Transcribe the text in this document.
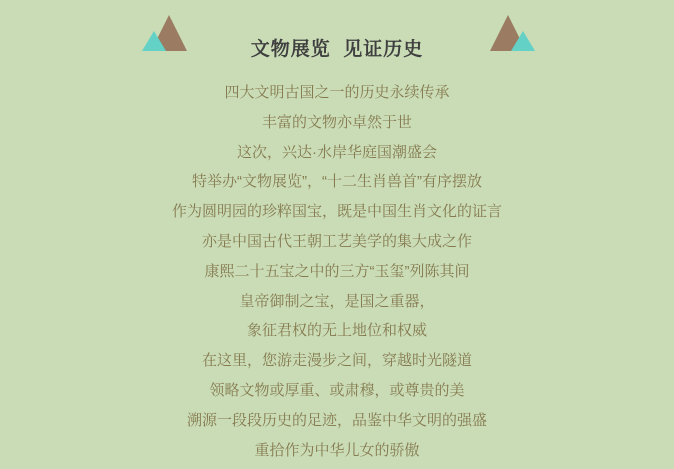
文物展览  见证历史

四大文明古国之一的历史永续传承

丰富的文物亦卓然于世

这次，兴达·水岸华庭国潮盛会

特举办“文物展览”，“十二生肖兽首”有序摆放

作为圆明园的珍粹国宝，既是中国生肖文化的证言

亦是中国古代王朝工艺美学的集大成之作

康熙二十五宝之中的三方“玉玺”列陈其间

皇帝御制之宝，是国之重器，

象征君权的无上地位和权威

在这里，您游走漫步之间，穿越时光隧道

领略文物或厚重、或肃穆，或尊贵的美

溯源一段段历史的足迹，品鉴中华文明的强盛

重拾作为中华儿女的骄傲
